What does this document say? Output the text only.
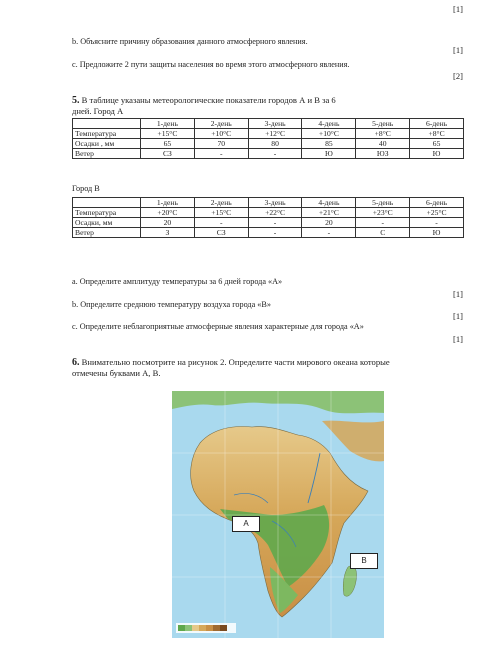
[1]
b. Объясните причину образования данного атмосферного явления.
[1]
c. Предложите 2 пути защиты населения во время этого атмосферного явления.
[2]
5. В таблице указаны метеорологические показатели городов А и В за 6
дней. Город А
	1-день	2-день	3-день	4-день	5-день	6-день
Температура	+15°C	+10°C	+12°C	+10°C	+8°C	+8°C
Осадки , мм	65	70	80	85	40	65
Ветер	СЗ	-	-	Ю	ЮЗ	Ю
Город В
	1-день	2-день	3-день	4-день	5-день	6-день
Температура	+20°C	+15°C	+22°C	+21°C	+23°C	+25°C
Осадки, мм	20	-	-	20	-	-
Ветер	З	СЗ	-	-	С	Ю
a. Определите амплитуду температуры за 6 дней города «А»
[1]
b. Определите среднюю температуру воздуха города «В»
[1]
c. Определите неблагоприятные атмосферные явления характерные для города «А»
[1]
6. Внимательно посмотрите на рисунок 2. Определите части мирового океана которые
отмечены буквами А, В.
A
B
